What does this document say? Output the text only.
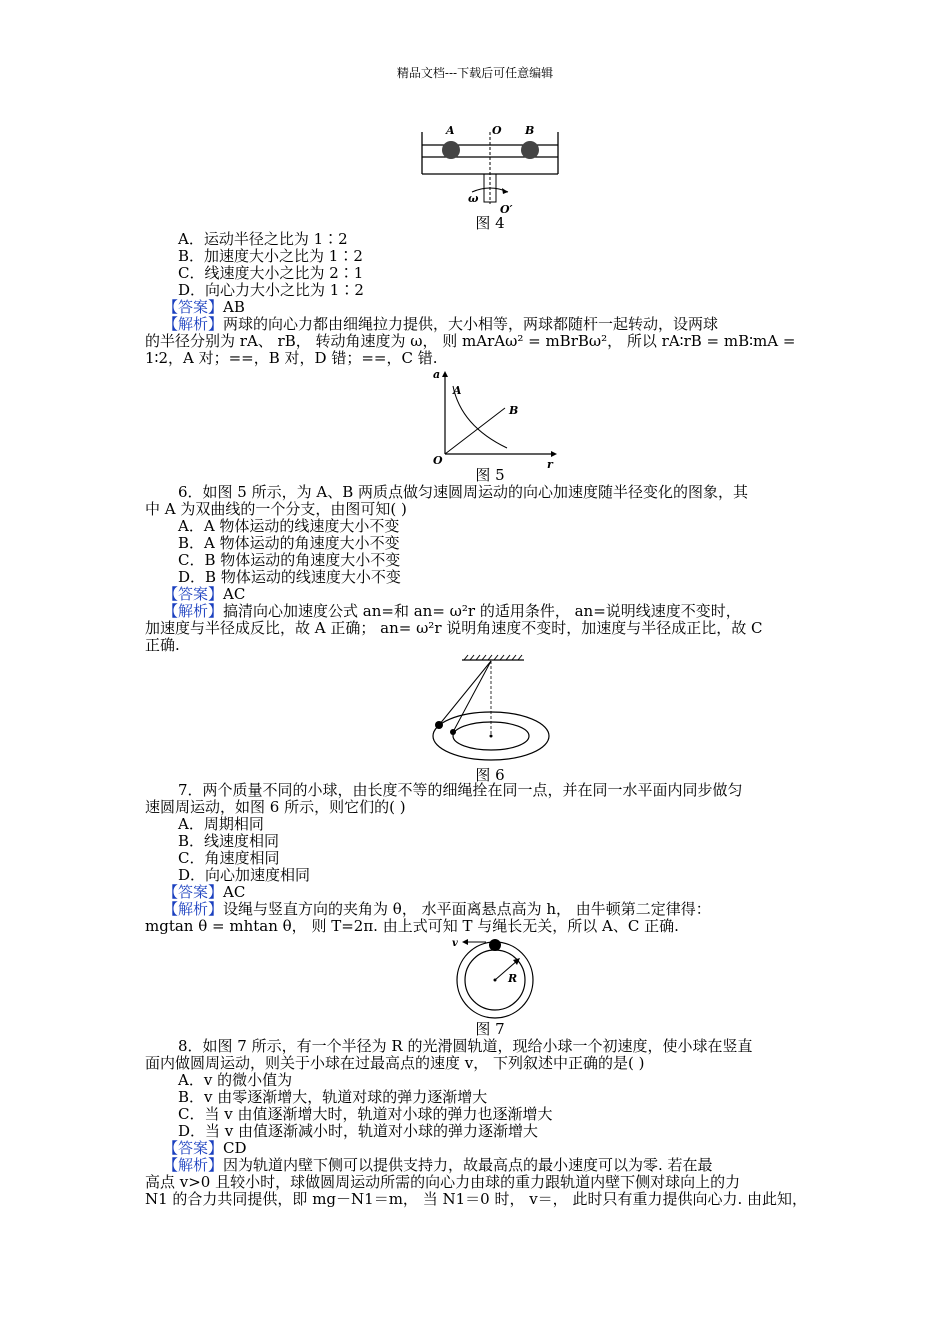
精品文档---下载后可任意编辑
A	O B
ω
O′
图 4
A．运动半径之比为 1∶2
B．加速度大小之比为 1∶2
C．线速度大小之比为 2∶1
D．向心力大小之比为 1∶2
【答案】AB
【解析】两球的向心力都由细绳拉力提供，大小相等，两球都随杆一起转动，设两球
的半径分别为 rA、 rB， 转动角速度为 ω， 则 mArAω² = mBrBω²， 所以 rA∶rB = mB∶mA =
1∶2，A 对；==，B 对，D 错；==，C 错.
a
A
B
O	r
图 5
6．如图 5 所示，为 A、B 两质点做匀速圆周运动的向心加速度随半径变化的图象，其
中 A 为双曲线的一个分支，由图可知( )
A．A 物体运动的线速度大小不变
B．A 物体运动的角速度大小不变
C．B 物体运动的角速度大小不变
D．B 物体运动的线速度大小不变
【答案】AC
【解析】搞清向心加速度公式 an=和 an= ω²r 的适用条件， an=说明线速度不变时，
加速度与半径成反比，故 A 正确； an= ω²r 说明角速度不变时，加速度与半径成正比，故 C
正确.
图 6
7．两个质量不同的小球，由长度不等的细绳拴在同一点，并在同一水平面内同步做匀
速圆周运动，如图 6 所示，则它们的( )
A．周期相同
B．线速度相同
C．角速度相同
D．向心加速度相同
【答案】AC
【解析】设绳与竖直方向的夹角为 θ， 水平面离悬点高为 h， 由牛顿第二定律得：
mgtan θ = mhtan θ， 则 T=2π. 由上式可知 T 与绳长无关，所以 A、C 正确.
v
R
图 7
8．如图 7 所示，有一个半径为 R 的光滑圆轨道，现给小球一个初速度，使小球在竖直
面内做圆周运动，则关于小球在过最高点的速度 v， 下列叙述中正确的是( )
A．v 的微小值为
B．v 由零逐渐增大，轨道对球的弹力逐渐增大
C．当 v 由值逐渐增大时，轨道对小球的弹力也逐渐增大
D．当 v 由值逐渐减小时，轨道对小球的弹力逐渐增大
【答案】CD
【解析】因为轨道内壁下侧可以提供支持力，故最高点的最小速度可以为零. 若在最
高点 v>0 且较小时，球做圆周运动所需的向心力由球的重力跟轨道内壁下侧对球向上的力
N1 的合力共同提供，即 mg－N1＝m， 当 N1＝0 时， v＝， 此时只有重力提供向心力. 由此知，
